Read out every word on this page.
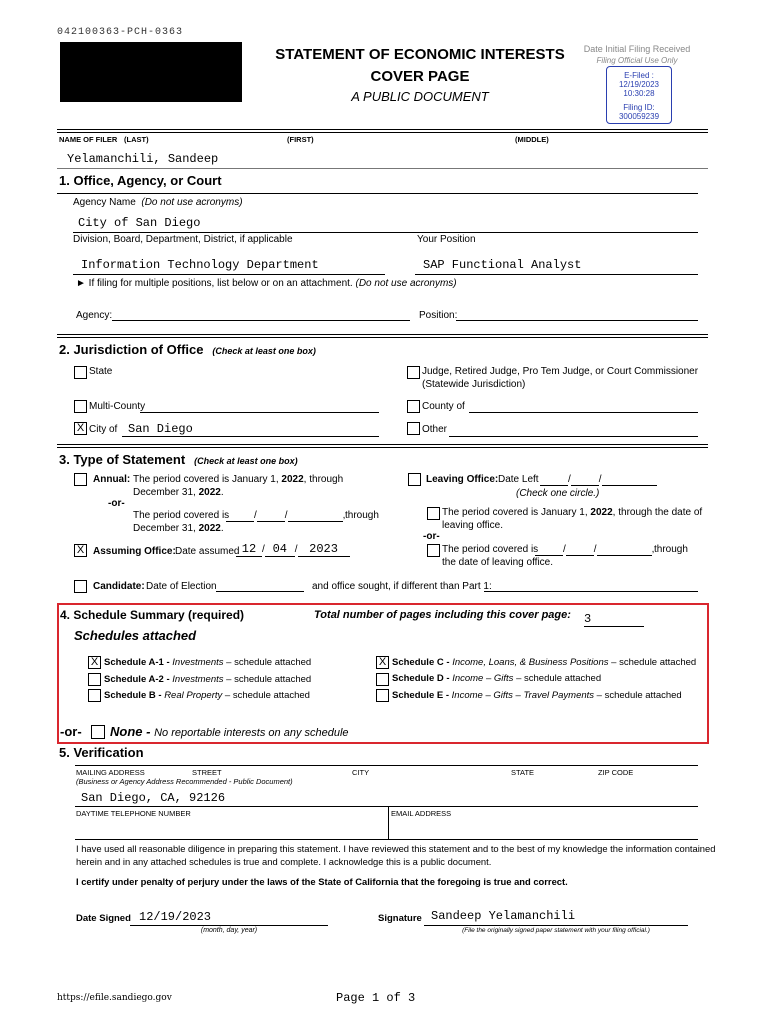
042100363-PCH-0363
STATEMENT OF ECONOMIC INTERESTS
COVER PAGE
A PUBLIC DOCUMENT
Date Initial Filing Received
Filing Official Use Only
E-Filed :
12/19/2023
10:30:28
Filing ID:
300059239
NAME OF FILER (LAST)	(FIRST)	(MIDDLE)
Yelamanchili, Sandeep
1. Office, Agency, or Court
Agency Name (Do not use acronyms)
City of San Diego
Division, Board, Department, District, if applicable	Your Position
Information Technology Department	SAP Functional Analyst
► If filing for multiple positions, list below or on an attachment. (Do not use acronyms)
Agency:	Position:
2. Jurisdiction of Office (Check at least one box)
State	Judge, Retired Judge, Pro Tem Judge, or Court Commissioner
(Statewide Jurisdiction)
Multi-County	County of
X City of San Diego	Other
3. Type of Statement (Check at least one box)
Annual: The period covered is January 1, 2022, through
December 31, 2022.
-or-
The period covered is	/	/	, through
December 31, 2022.
X Assuming Office: Date assumed 12 / 04 / 2023
Leaving Office: Date Left	/	/
(Check one circle.)
The period covered is January 1, 2022, through the date of
leaving office.
-or-
The period covered is	/	/	, through
the date of leaving office.
Candidate: Date of Election	and office sought, if different than Part 1:
4. Schedule Summary (required)	Total number of pages including this cover page: 3
Schedules attached
X Schedule A-1 - Investments – schedule attached
Schedule A-2 - Investments – schedule attached
Schedule B - Real Property – schedule attached
X Schedule C - Income, Loans, & Business Positions – schedule attached
Schedule D - Income – Gifts – schedule attached
Schedule E - Income – Gifts – Travel Payments – schedule attached
-or- None - No reportable interests on any schedule
5. Verification
MAILING ADDRESS	STREET	CITY	STATE	ZIP CODE
(Business or Agency Address Recommended - Public Document)
San Diego, CA, 92126
DAYTIME TELEPHONE NUMBER	EMAIL ADDRESS
I have used all reasonable diligence in preparing this statement. I have reviewed this statement and to the best of my knowledge the information contained
herein and in any attached schedules is true and complete. I acknowledge this is a public document.
I certify under penalty of perjury under the laws of the State of California that the foregoing is true and correct.
Date Signed 12/19/2023
(month, day, year)
Signature Sandeep Yelamanchili
(File the originally signed paper statement with your filing official.)
https://efile.sandiego.gov	Page 1 of 3
